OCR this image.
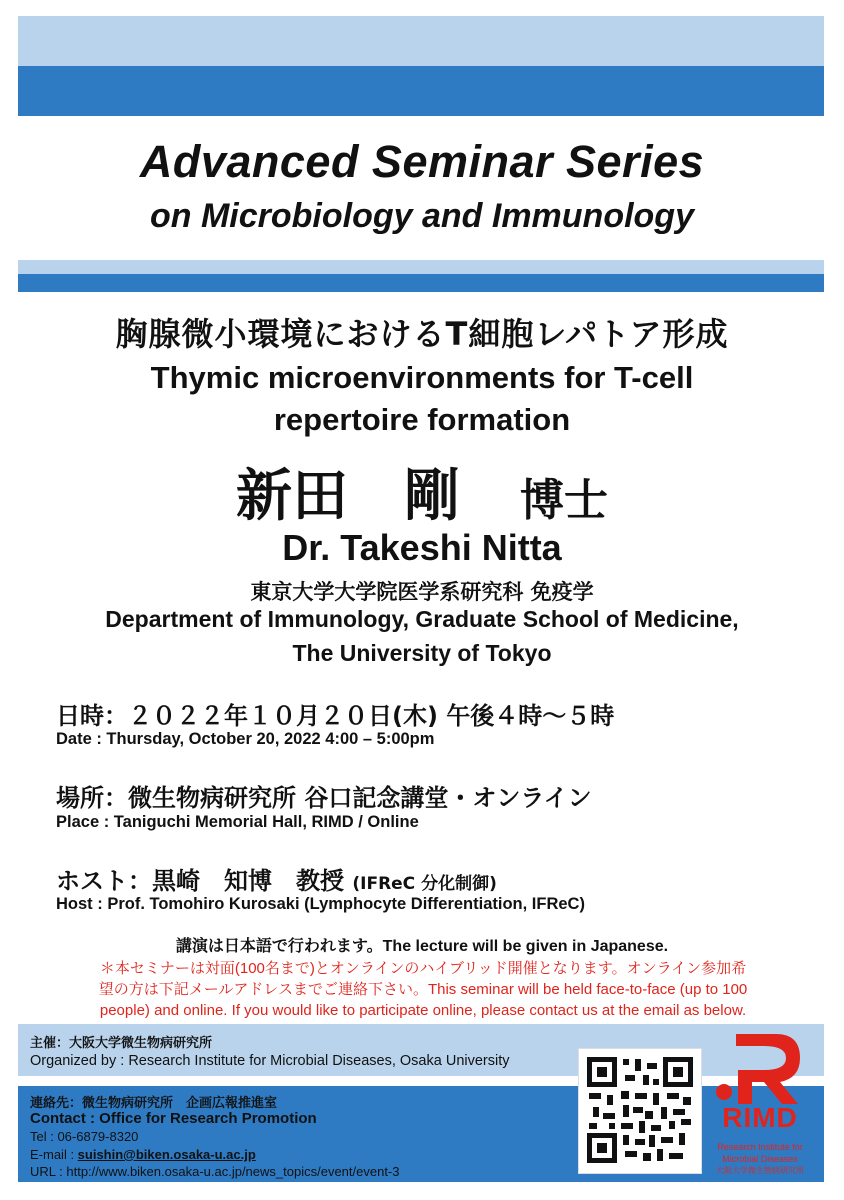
Advanced Seminar Series
on Microbiology and Immunology
胸腺微小環境におけるT細胞レパトア形成
Thymic microenvironments for T-cell
repertoire formation
新田　剛 博士
Dr. Takeshi Nitta
東京大学大学院医学系研究科 免疫学
Department of Immunology, Graduate School of Medicine,
The University of Tokyo
日時：２０２２年１０月２０日(木) 午後４時〜５時
Date : Thursday, October 20, 2022 4:00 – 5:00pm
場所：微生物病研究所 谷口記念講堂・オンライン
Place : Taniguchi Memorial Hall, RIMD / Online
ホスト：黒崎　知博　教授 (IFReC 分化制御)
Host : Prof. Tomohiro Kurosaki (Lymphocyte Differentiation, IFReC)
講演は日本語で行われます。The lecture will be given in Japanese.
＊本セミナーは対面(100名まで)とオンラインのハイブリッド開催となります。オンライン参加希
望の方は下記メールアドレスまでご連絡下さい。This seminar will be held face-to-face (up to 100
people) and online. If you would like to participate online, please contact us at the email as below.
主催：大阪大学微生物病研究所
Organized by : Research Institute for Microbial Diseases, Osaka University
連絡先：微生物病研究所　企画広報推進室
Contact : Office for Research Promotion
Tel : 06-6879-8320
E-mail : suishin@biken.osaka-u.ac.jp
URL : http://www.biken.osaka-u.ac.jp/news_topics/event/event-3
RIMD
Research Institute for
Microbial Diseases
大阪大学微生物病研究所
